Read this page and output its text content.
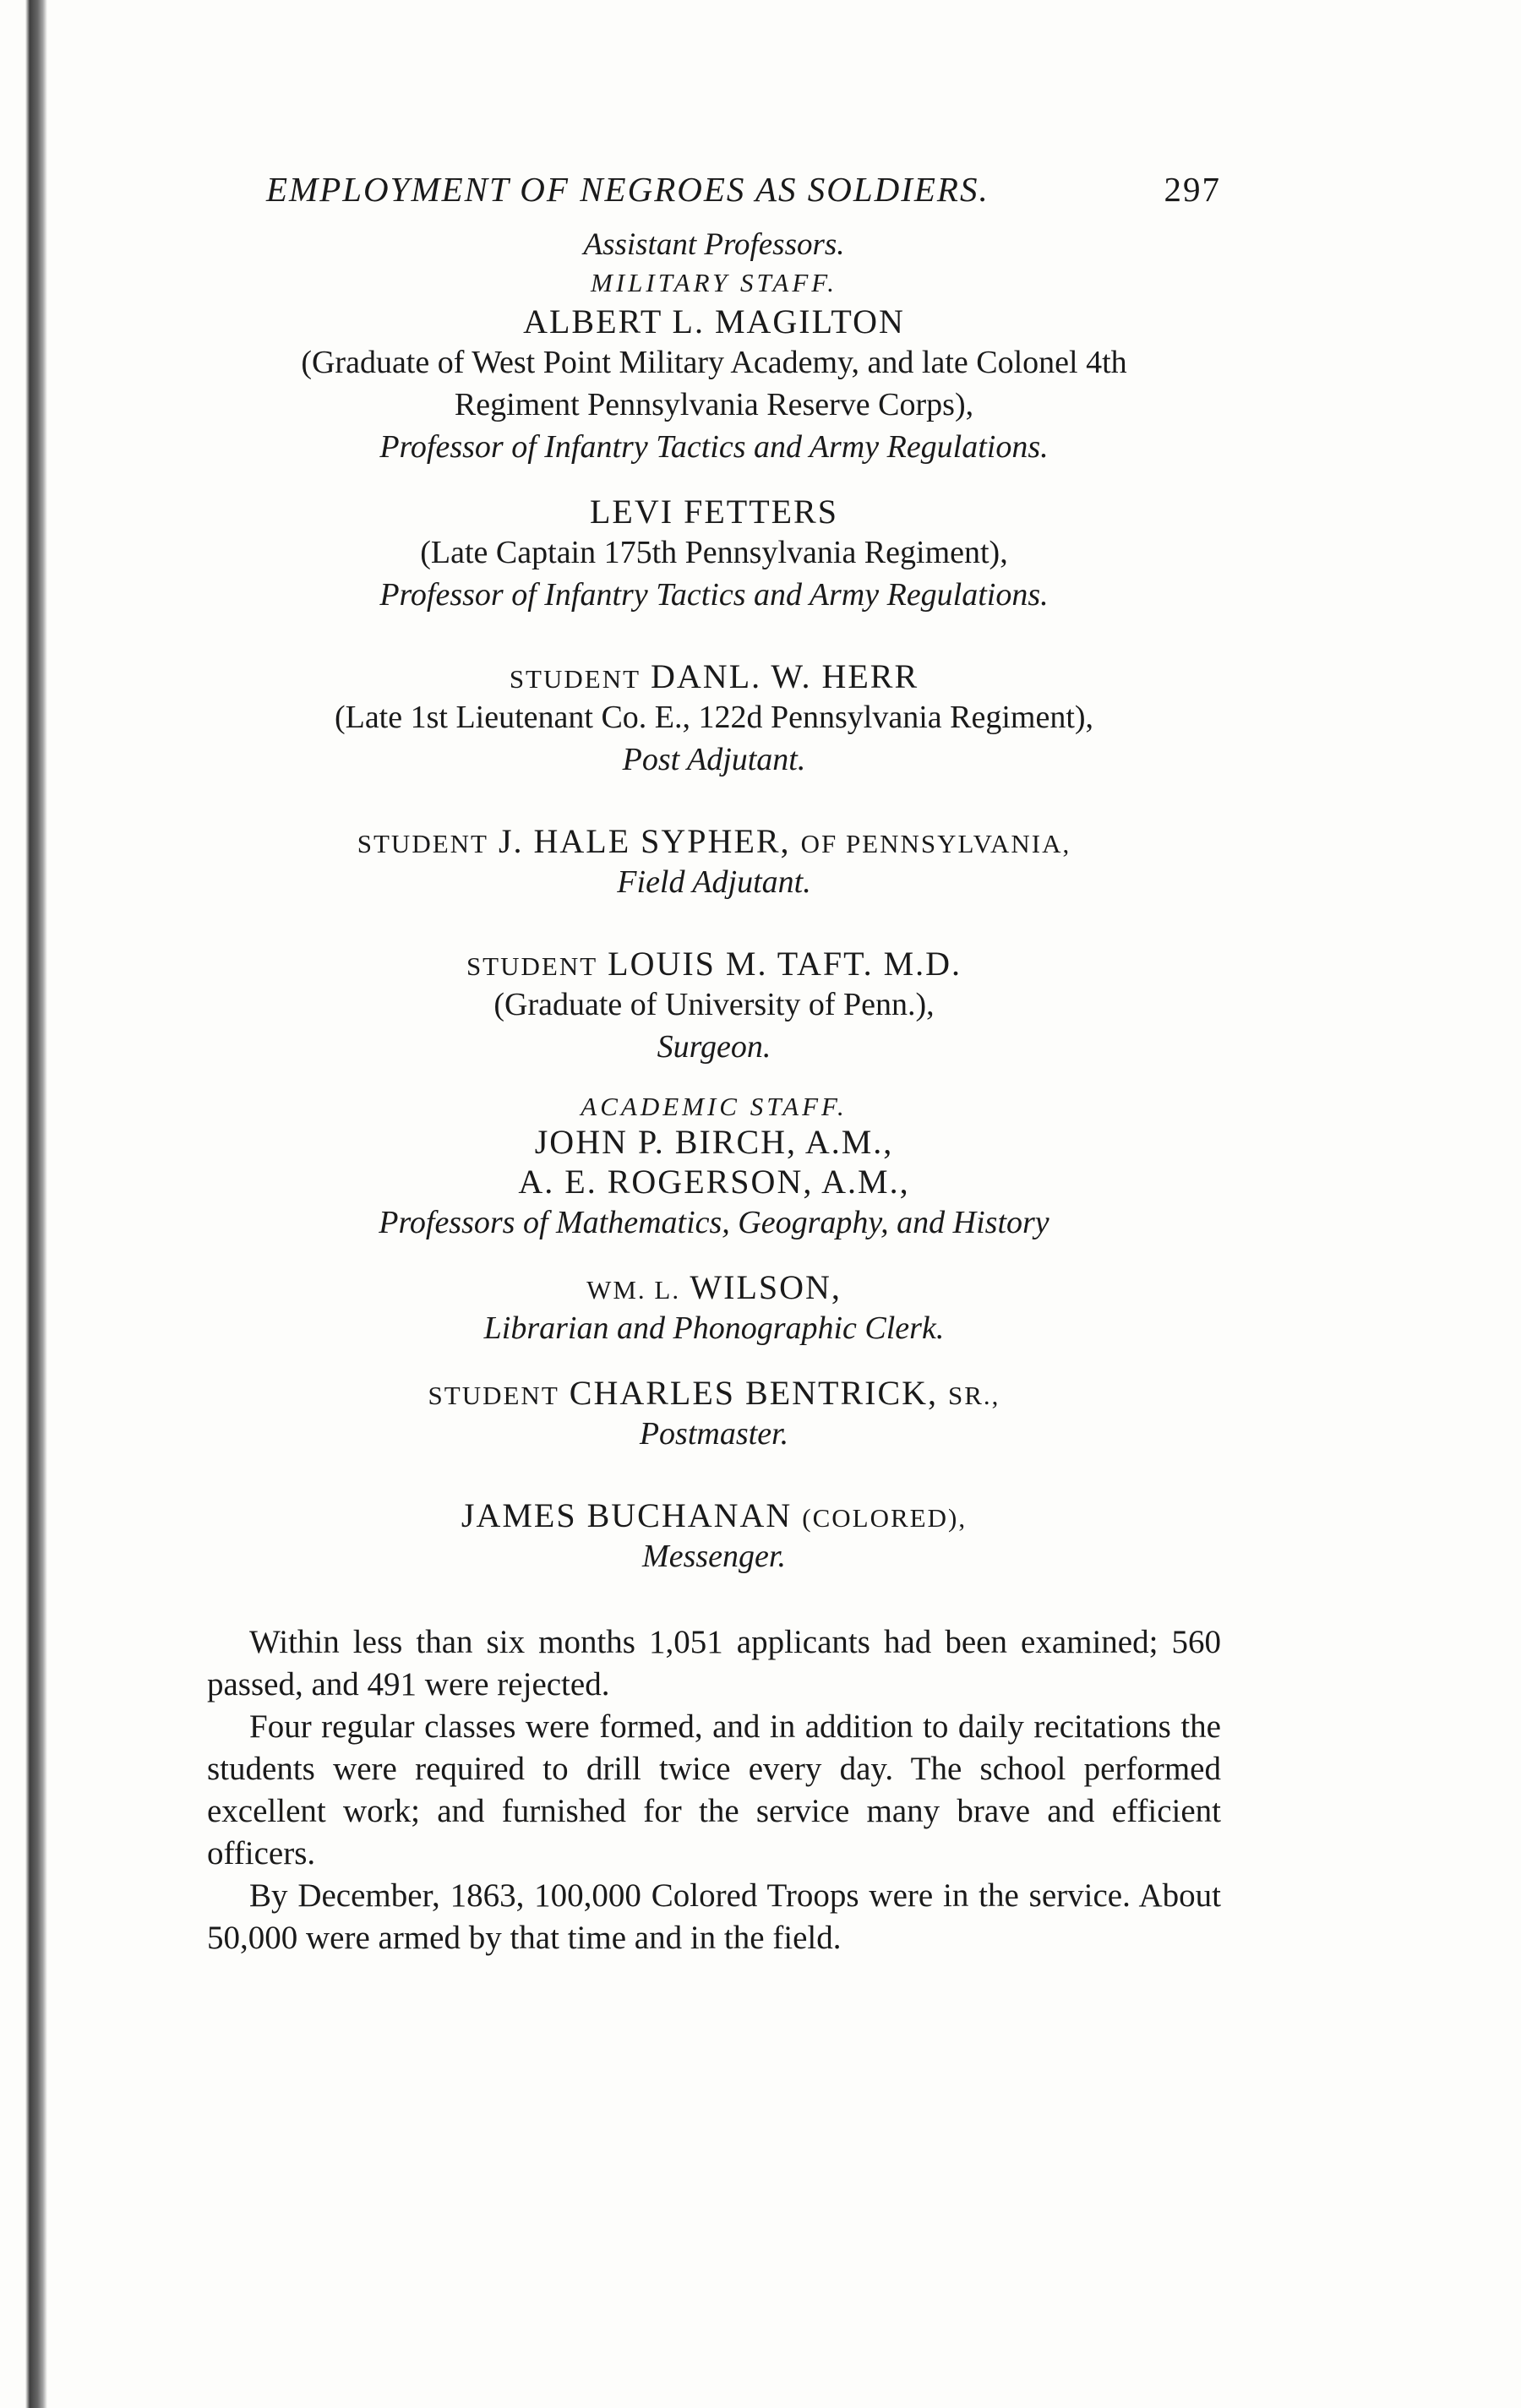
EMPLOYMENT OF NEGROES AS SOLDIERS.	297
Assistant Professors.
MILITARY STAFF.
ALBERT L. MAGILTON
(Graduate of West Point Military Academy, and late Colonel 4th
Regiment Pennsylvania Reserve Corps),
Professor of Infantry Tactics and Army Regulations.
LEVI FETTERS
(Late Captain 175th Pennsylvania Regiment),
Professor of Infantry Tactics and Army Regulations.
STUDENT DANL. W. HERR
(Late 1st Lieutenant Co. E., 122d Pennsylvania Regiment),
Post Adjutant.
STUDENT J. HALE SYPHER, OF PENNSYLVANIA,
Field Adjutant.
STUDENT LOUIS M. TAFT. M.D.
(Graduate of University of Penn.),
Surgeon.
ACADEMIC STAFF.
JOHN P. BIRCH, A.M.,
A. E. ROGERSON, A.M.,
Professors of Mathematics, Geography, and History
WM. L. WILSON,
Librarian and Phonographic Clerk.
STUDENT CHARLES BENTRICK, SR.,
Postmaster.
JAMES BUCHANAN (COLORED),
Messenger.

Within less than six months 1,051 applicants had been examined; 560 passed, and 491 were rejected.

Four regular classes were formed, and in addition to daily recitations the students were required to drill twice every day. The school performed excellent work; and furnished for the service many brave and efficient officers.

By December, 1863, 100,000 Colored Troops were in the service. About 50,000 were armed by that time and in the field.
